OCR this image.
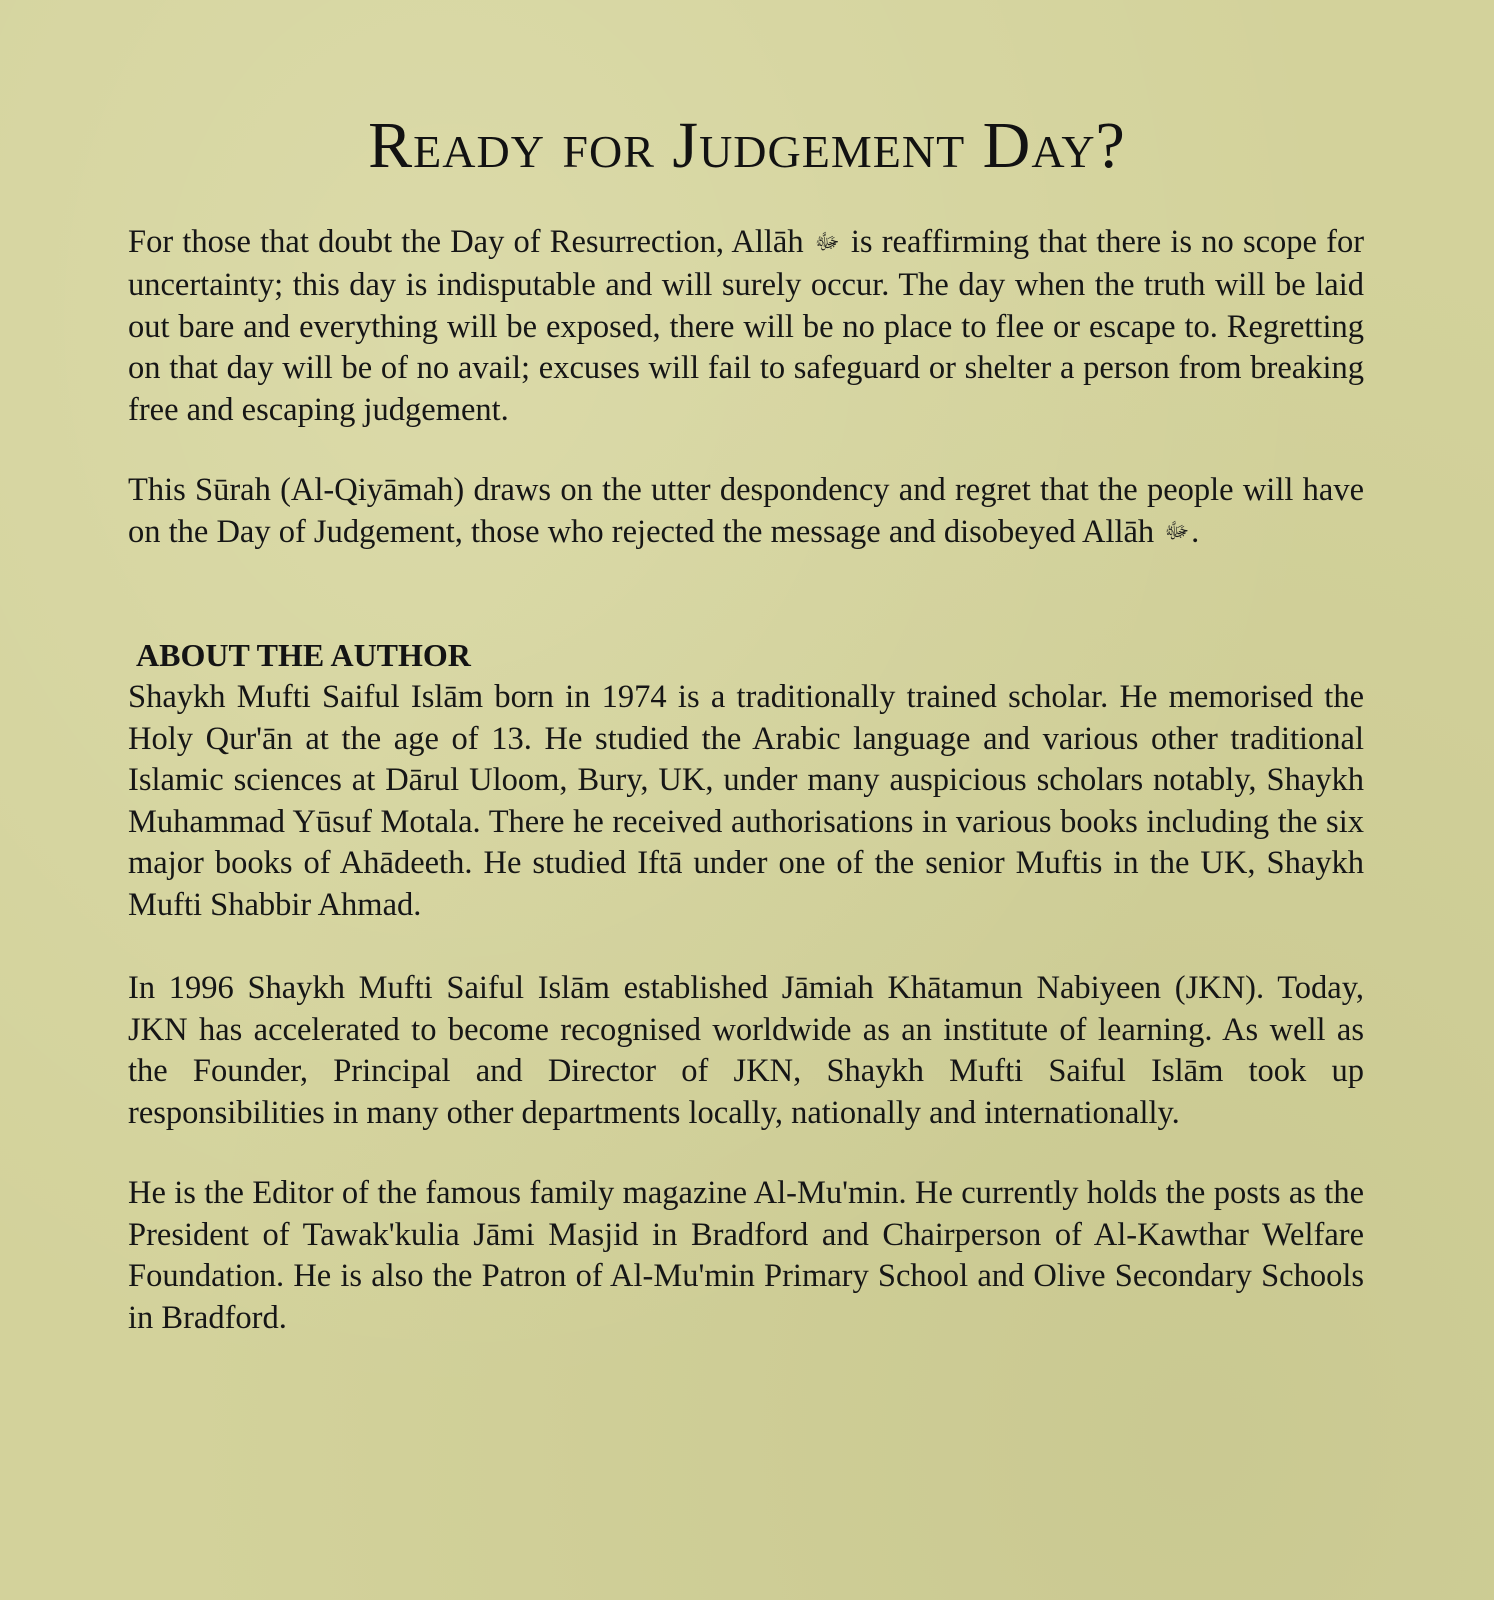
Ready for Judgement Day?

For those that doubt the Day of Resurrection, Allāh ﷻ is reaffirming that there is no scope for uncertainty; this day is indisputable and will surely occur. The day when the truth will be laid out bare and everything will be exposed, there will be no place to flee or escape to. Regretting on that day will be of no avail; excuses will fail to safeguard or shelter a person from breaking free and escaping judgement.

This Sūrah (Al-Qiyāmah) draws on the utter despondency and regret that the people will have on the Day of Judgement, those who rejected the message and disobeyed Allāh ﷻ.

ABOUT THE AUTHOR

Shaykh Mufti Saiful Islām born in 1974 is a traditionally trained scholar. He memorised the Holy Qur'ān at the age of 13. He studied the Arabic language and various other traditional Islamic sciences at Dārul Uloom, Bury, UK, under many auspicious scholars notably, Shaykh Muhammad Yūsuf Motala. There he received authorisations in various books including the six major books of Ahādeeth. He studied Iftā under one of the senior Muftis in the UK, Shaykh Mufti Shabbir Ahmad.

In 1996 Shaykh Mufti Saiful Islām established Jāmiah Khātamun Nabiyeen (JKN). Today, JKN has accelerated to become recognised worldwide as an institute of learning. As well as the Founder, Principal and Director of JKN, Shaykh Mufti Saiful Islām took up responsibilities in many other departments locally, nationally and internationally.

He is the Editor of the famous family magazine Al-Mu'min. He currently holds the posts as the President of Tawak'kulia Jāmi Masjid in Bradford and Chairperson of Al-Kawthar Welfare Foundation. He is also the Patron of Al-Mu'min Primary School and Olive Secondary Schools in Bradford.
